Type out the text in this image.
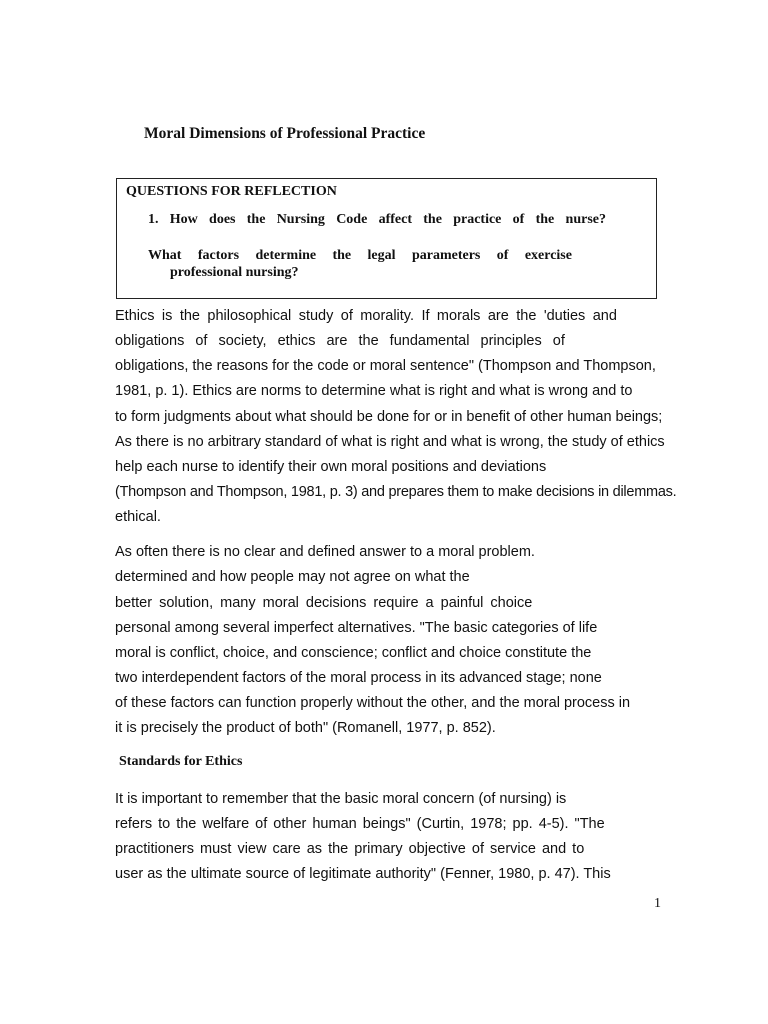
Moral Dimensions of Professional Practice
QUESTIONS FOR REFLECTION
1. How does the Nursing Code affect the practice of the nurse?
What factors determine the legal parameters of exercise
professional nursing?
Ethics is the philosophical study of morality. If morals are the 'duties and
obligations of society, ethics are the fundamental principles of
obligations, the reasons for the code or moral sentence" (Thompson and Thompson,
1981, p. 1). Ethics are norms to determine what is right and what is wrong and to
to form judgments about what should be done for or in benefit of other human beings;
As there is no arbitrary standard of what is right and what is wrong, the study of ethics
help each nurse to identify their own moral positions and deviations
(Thompson and Thompson, 1981, p. 3) and prepares them to make decisions in dilemmas.
ethical.
As often there is no clear and defined answer to a moral problem.
determined and how people may not agree on what the
better solution, many moral decisions require a painful choice
personal among several imperfect alternatives. "The basic categories of life
moral is conflict, choice, and conscience; conflict and choice constitute the
two interdependent factors of the moral process in its advanced stage; none
of these factors can function properly without the other, and the moral process in
it is precisely the product of both" (Romanell, 1977, p. 852).
Standards for Ethics
It is important to remember that the basic moral concern (of nursing) is
refers to the welfare of other human beings" (Curtin, 1978; pp. 4-5). "The
practitioners must view care as the primary objective of service and to
user as the ultimate source of legitimate authority" (Fenner, 1980, p. 47). This
1
